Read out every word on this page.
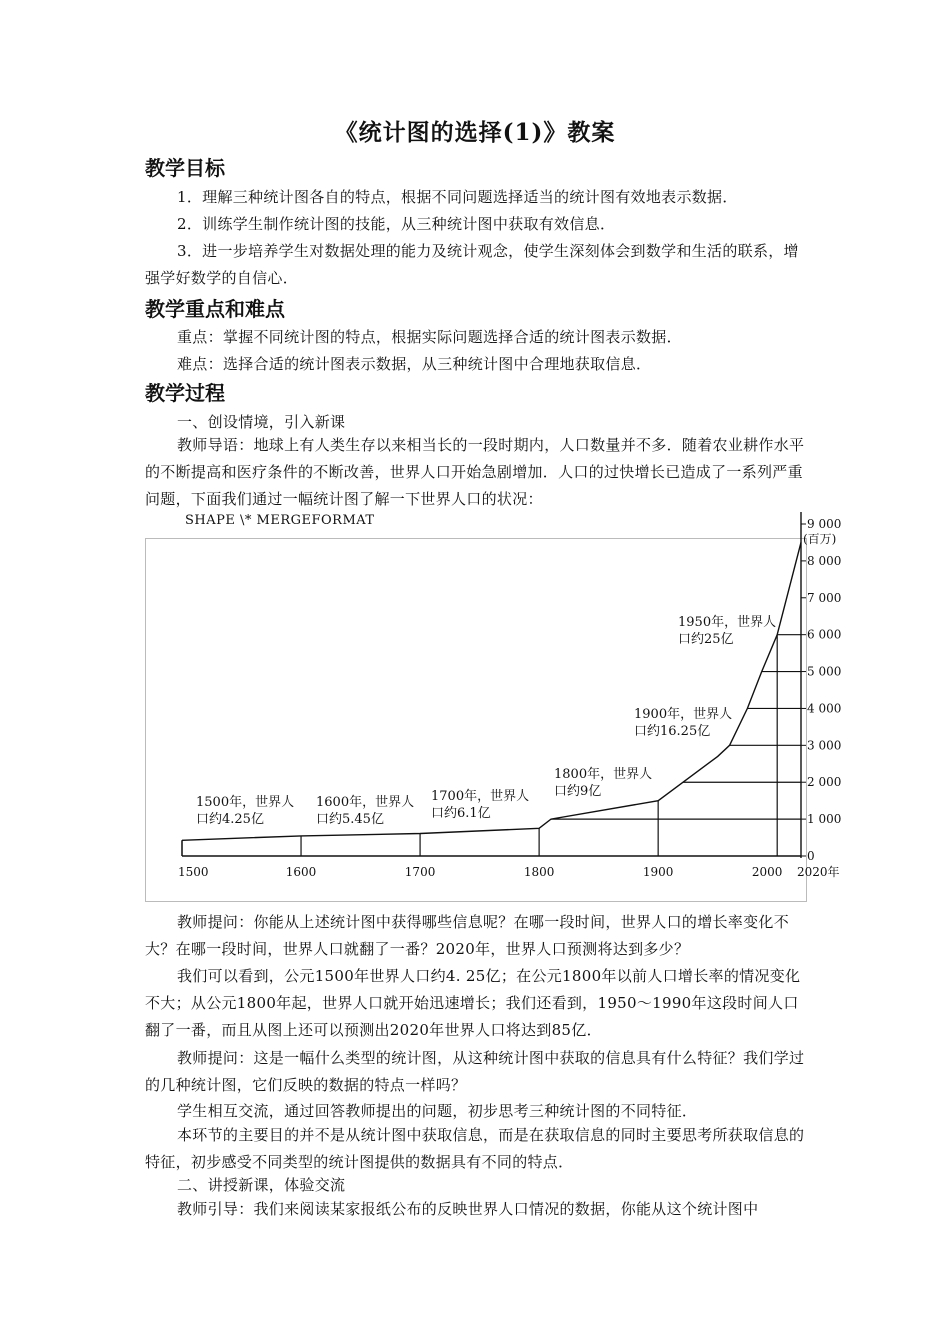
《统计图的选择(1)》教案
教学目标
1．理解三种统计图各自的特点，根据不同问题选择适当的统计图有效地表示数据．
2．训练学生制作统计图的技能，从三种统计图中获取有效信息．
3．进一步培养学生对数据处理的能力及统计观念，使学生深刻体会到数学和生活的联系，增强学好数学的自信心．
教学重点和难点
重点：掌握不同统计图的特点，根据实际问题选择合适的统计图表示数据．
难点：选择合适的统计图表示数据，从三种统计图中合理地获取信息．
教学过程
一、创设情境，引入新课
教师导语：地球上有人类生存以来相当长的一段时期内，人口数量并不多．随着农业耕作水平的不断提高和医疗条件的不断改善，世界人口开始急剧增加．人口的过快增长已造成了一系列严重问题，下面我们通过一幅统计图了解一下世界人口的状况：
SHAPE \* MERGEFORMAT
0
1 000
2 000
3 000
4 000
5 000
6 000
7 000
8 000
9 000
(百万)
1500	1600	1700	1800	1900	2000 2020年
1500年，世界人
口约4.25亿
1600年，世界人
口约5.45亿
1700年，世界人
口约6.1亿
1800年，世界人
口约9亿
1900年，世界人
口约16.25亿
1950年，世界人
口约25亿
教师提问：你能从上述统计图中获得哪些信息呢？在哪一段时间，世界人口的增长率变化不大？在哪一段时间，世界人口就翻了一番？2020年，世界人口预测将达到多少？
我们可以看到，公元1500年世界人口约4. 25亿；在公元1800年以前人口增长率的情况变化不大；从公元1800年起，世界人口就开始迅速增长；我们还看到，1950～1990年这段时间人口翻了一番，而且从图上还可以预测出2020年世界人口将达到85亿．
教师提问：这是一幅什么类型的统计图，从这种统计图中获取的信息具有什么特征？我们学过的几种统计图，它们反映的数据的特点一样吗？
学生相互交流，通过回答教师提出的问题，初步思考三种统计图的不同特征．
本环节的主要目的并不是从统计图中获取信息，而是在获取信息的同时主要思考所获取信息的特征，初步感受不同类型的统计图提供的数据具有不同的特点．
二、讲授新课，体验交流
教师引导：我们来阅读某家报纸公布的反映世界人口情况的数据，你能从这个统计图中
